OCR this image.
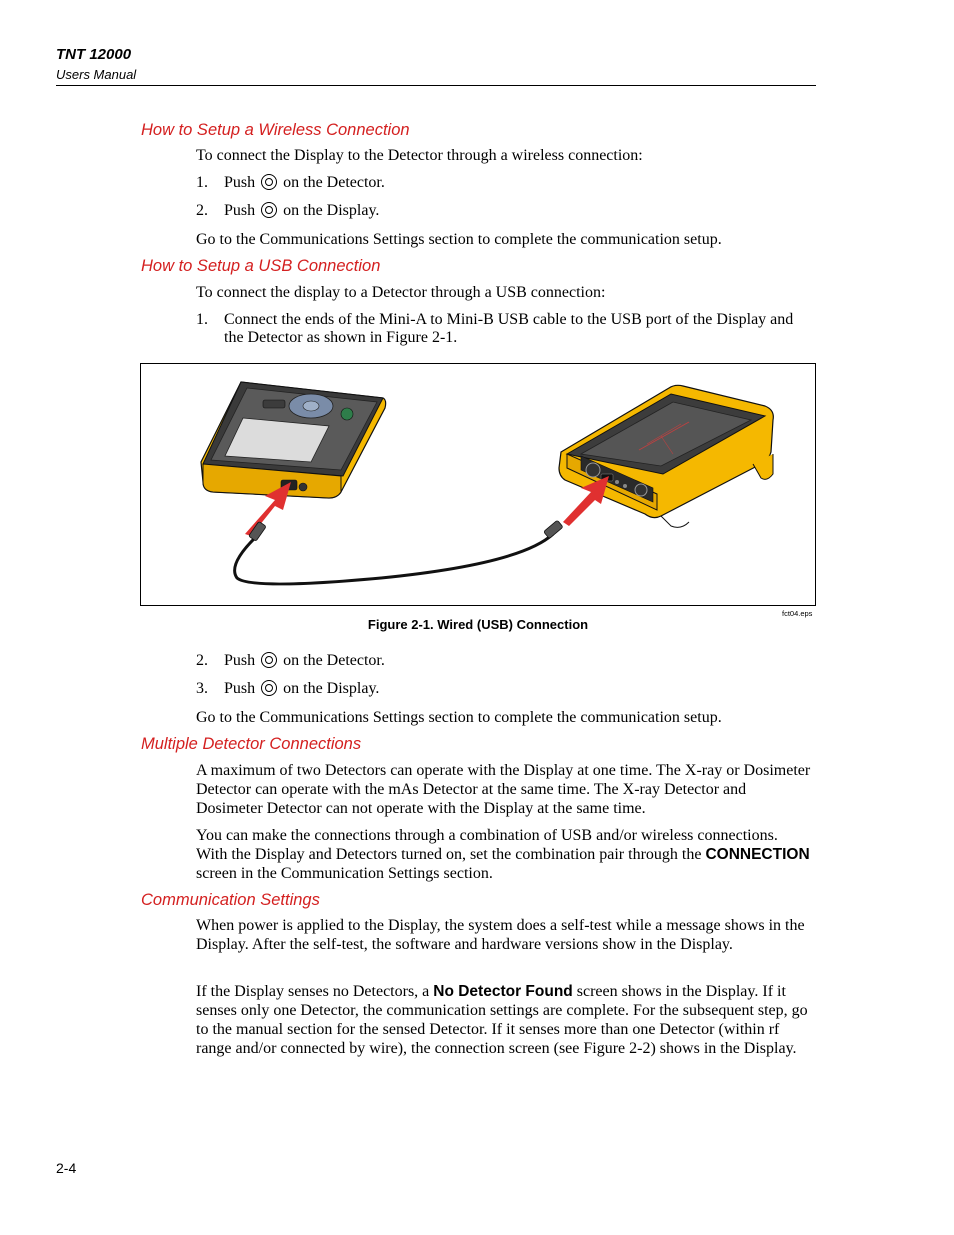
TNT 12000
Users Manual
How to Setup a Wireless Connection
To connect the Display to the Detector through a wireless connection:
1. Push on the Detector.
2. Push on the Display.
Go to the Communications Settings section to complete the communication setup.
How to Setup a USB Connection
To connect the display to a Detector through a USB connection:
1. Connect the ends of the Mini-A to Mini-B USB cable to the USB port of the Display and the Detector as shown in Figure 2-1.
fct04.eps
Figure 2-1. Wired (USB) Connection
2. Push on the Detector.
3. Push on the Display.
Go to the Communications Settings section to complete the communication setup.
Multiple Detector Connections
A maximum of two Detectors can operate with the Display at one time. The X-ray or Dosimeter Detector can operate with the mAs Detector at the same time. The X-ray Detector and Dosimeter Detector can not operate with the Display at the same time.
You can make the connections through a combination of USB and/or wireless connections. With the Display and Detectors turned on, set the combination pair through the CONNECTION screen in the Communication Settings section.
Communication Settings
When power is applied to the Display, the system does a self-test while a message shows in the Display. After the self-test, the software and hardware versions show in the Display.
If the Display senses no Detectors, a No Detector Found screen shows in the Display. If it senses only one Detector, the communication settings are complete. For the subsequent step, go to the manual section for the sensed Detector. If it senses more than one Detector (within rf range and/or connected by wire), the connection screen (see Figure 2-2) shows in the Display.
2-4
